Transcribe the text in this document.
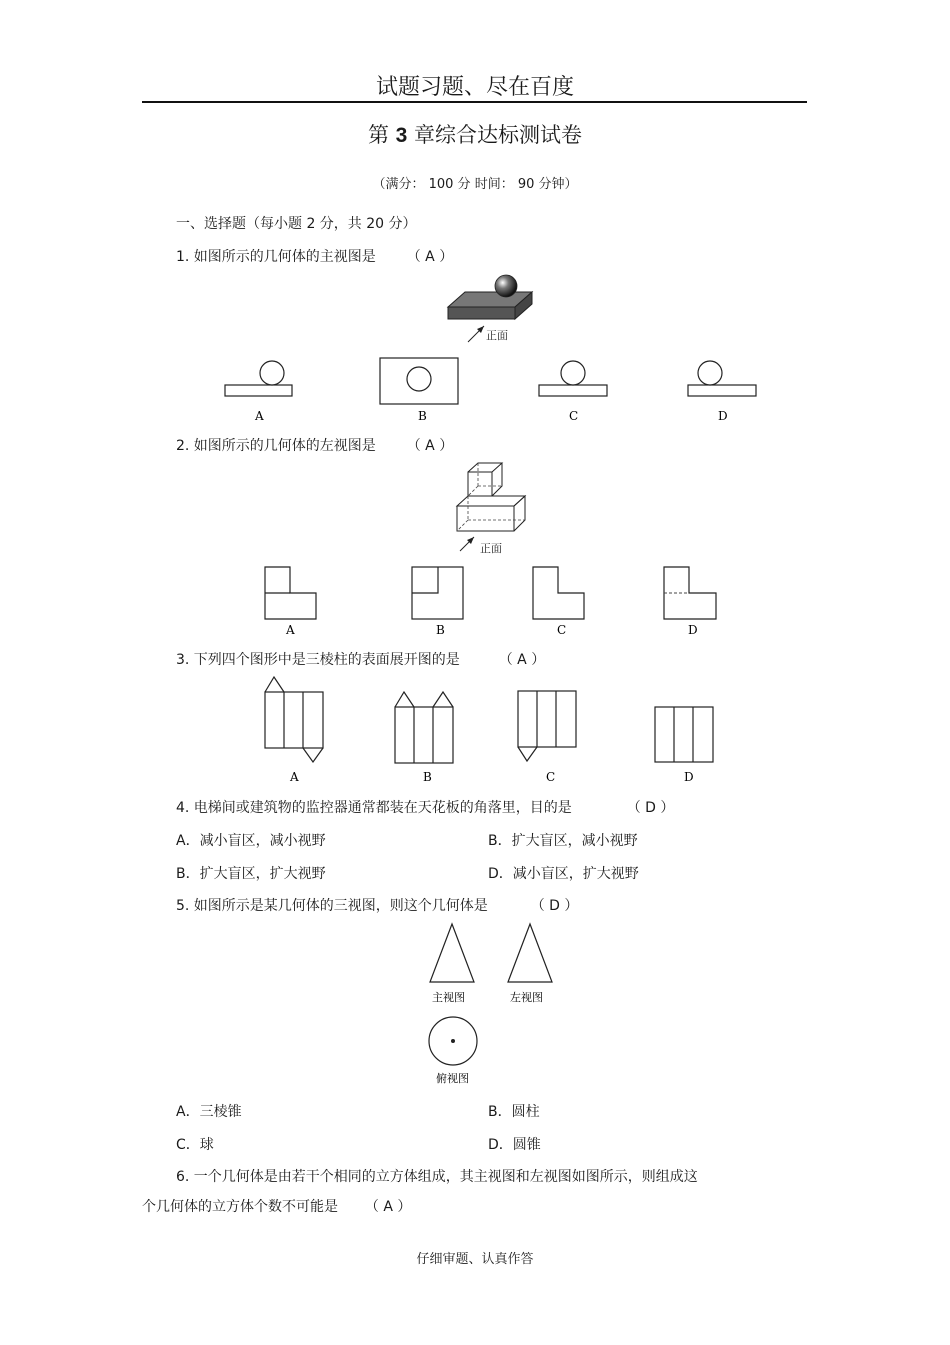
试题习题、尽在百度
第 3 章综合达标测试卷
（满分： 100 分 时间： 90 分钟）
一、选择题（每小题 2 分，共 20 分）
1. 如图所示的几何体的主视图是 （ A ）
正面
A	B	C	D
2. 如图所示的几何体的左视图是 （ A ）
正面
A	B	C	D
3. 下列四个图形中是三棱柱的表面展开图的是	（ A ）
A	B	C	D
4. 电梯间或建筑物的监控器通常都装在天花板的角落里，目的是	（ D ）
A．减小盲区，减小视野	B．扩大盲区，减小视野
B．扩大盲区，扩大视野	D．减小盲区，扩大视野
5. 如图所示是某几何体的三视图，则这个几何体是	（ D ）
主视图	左视图
俯视图
A．三棱锥	B．圆柱
C．球	D．圆锥
6. 一个几何体是由若干个相同的立方体组成，其主视图和左视图如图所示，则组成这
个几何体的立方体个数不可能是 （ A ）
仔细审题、认真作答
